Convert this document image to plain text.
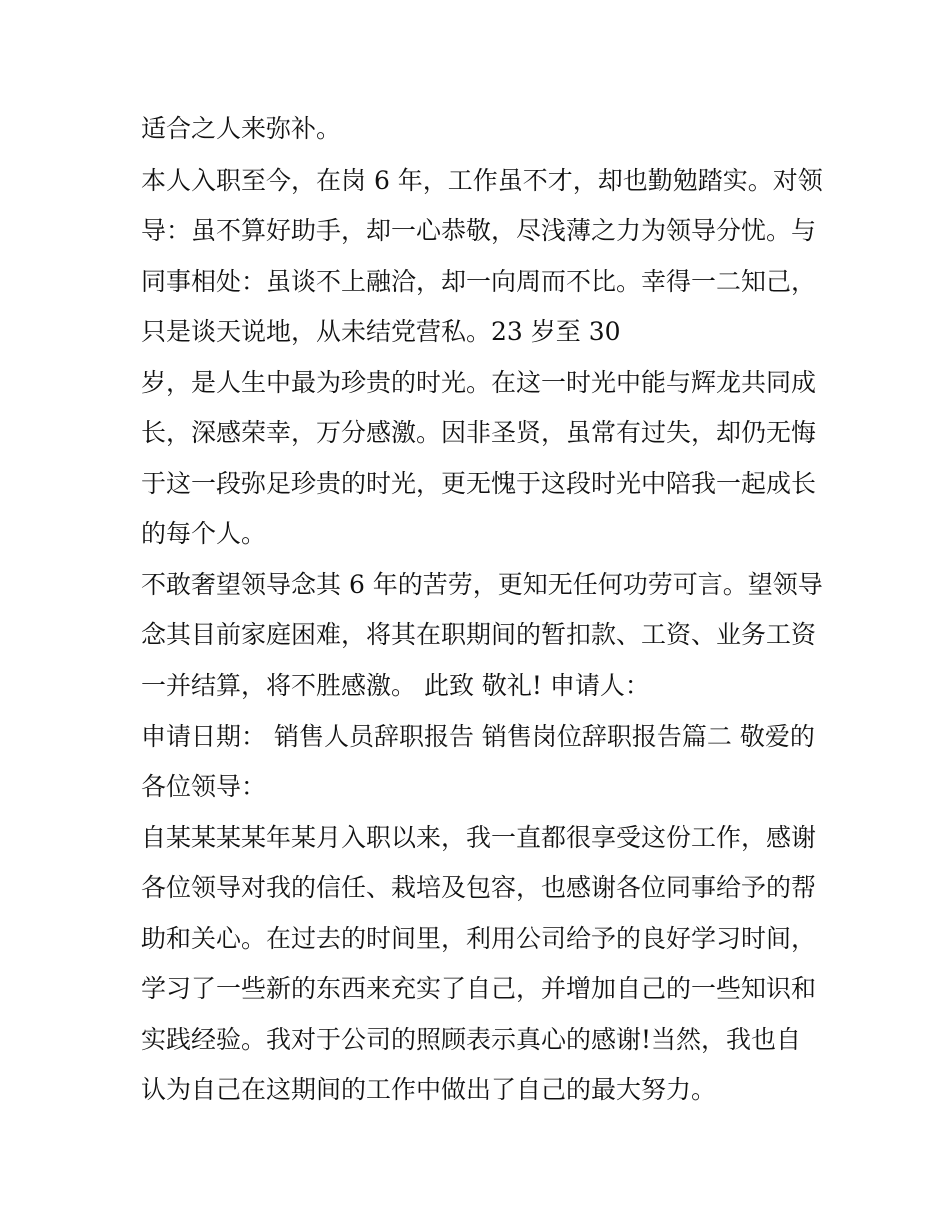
适合之人来弥补。

本人入职至今，在岗 6 年，工作虽不才，却也勤勉踏实。对领

导：虽不算好助手，却一心恭敬，尽浅薄之力为领导分忧。与

同事相处：虽谈不上融洽，却一向周而不比。幸得一二知己，

只是谈天说地，从未结党营私。23 岁至 30

岁，是人生中最为珍贵的时光。在这一时光中能与辉龙共同成

长，深感荣幸，万分感激。因非圣贤，虽常有过失，却仍无悔

于这一段弥足珍贵的时光，更无愧于这段时光中陪我一起成长

的每个人。

不敢奢望领导念其 6 年的苦劳，更知无任何功劳可言。望领导

念其目前家庭困难，将其在职期间的暂扣款、工资、业务工资

一并结算，将不胜感激。 此致 敬礼! 申请人：

申请日期： 销售人员辞职报告 销售岗位辞职报告篇二 敬爱的

各位领导：

自某某某某年某月入职以来，我一直都很享受这份工作，感谢

各位领导对我的信任、栽培及包容，也感谢各位同事给予的帮

助和关心。在过去的时间里，利用公司给予的良好学习时间，

学习了一些新的东西来充实了自己，并增加自己的一些知识和

实践经验。我对于公司的照顾表示真心的感谢!当然，我也自

认为自己在这期间的工作中做出了自己的最大努力。
